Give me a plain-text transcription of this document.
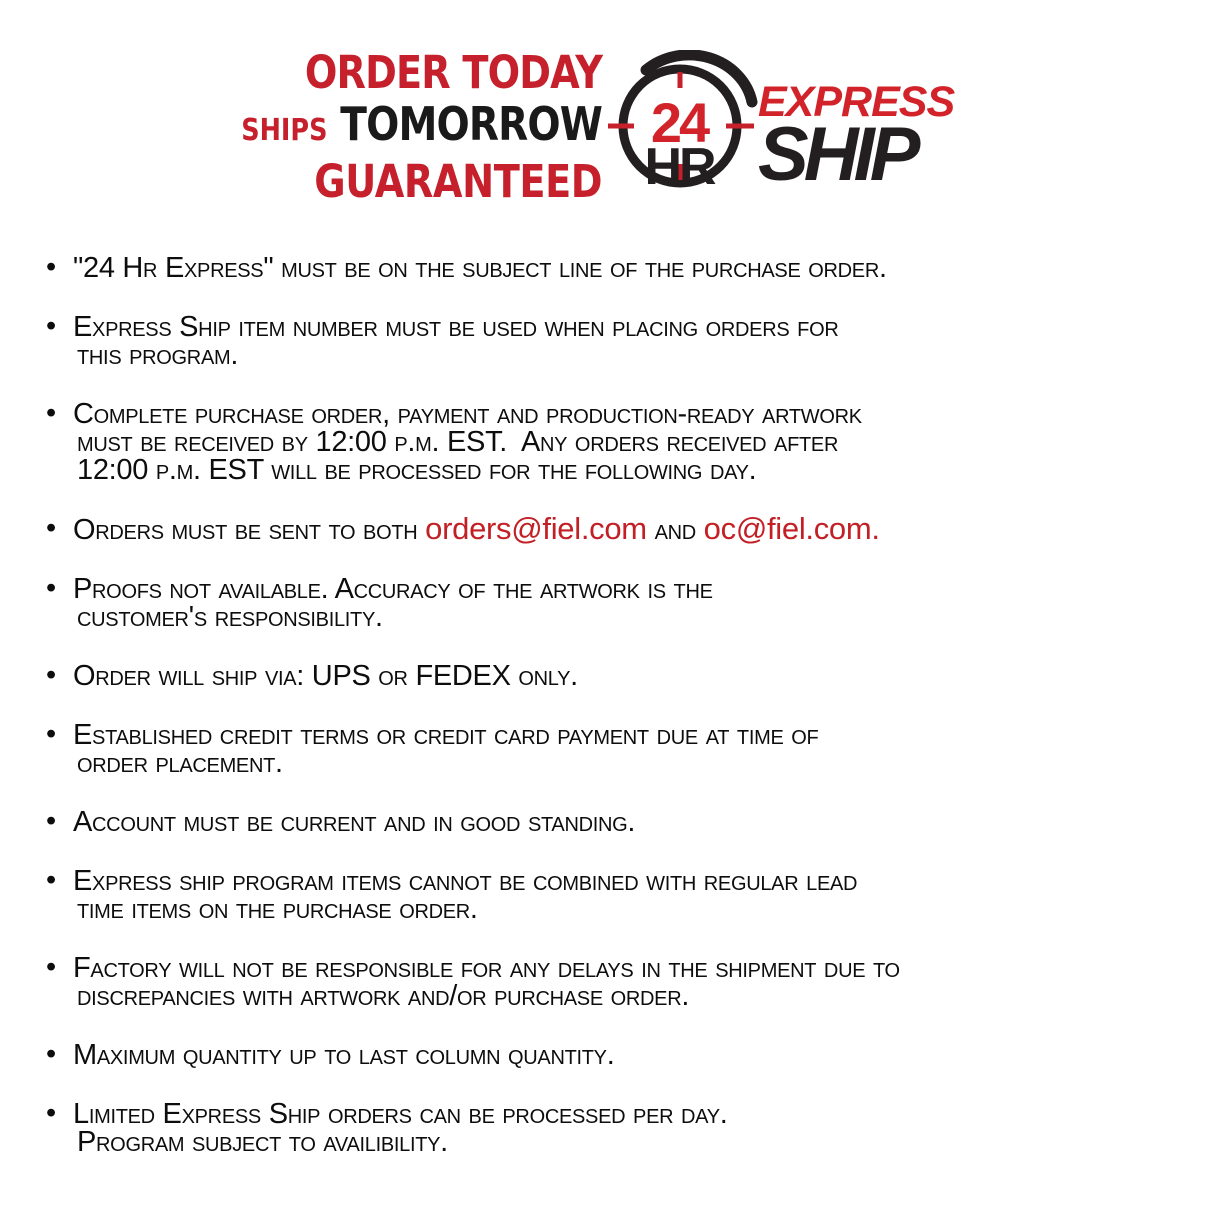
ORDER TODAY
SHIPS TOMORROW
GUARANTEED
24
HR
EXPRESS
SHIP
• "24 Hr Express" must be on the subject line of the purchase order.
• Express Ship item number must be used when placing orders for
this program.
• Complete purchase order, payment and production-ready artwork
must be received by 12:00 p.m. EST.  Any orders received after
12:00 p.m. EST will be processed for the following day.
• Orders must be sent to both orders@fiel.com and oc@fiel.com.
• Proofs not available. Accuracy of the artwork is the
customer's responsibility.
• Order will ship via: UPS or FEDEX only.
• Established credit terms or credit card payment due at time of
order placement.
• Account must be current and in good standing.
• Express ship program items cannot be combined with regular lead
time items on the purchase order.
• Factory will not be responsible for any delays in the shipment due to
discrepancies with artwork and/or purchase order.
• Maximum quantity up to last column quantity.
• Limited Express Ship orders can be processed per day.
Program subject to availibility.
